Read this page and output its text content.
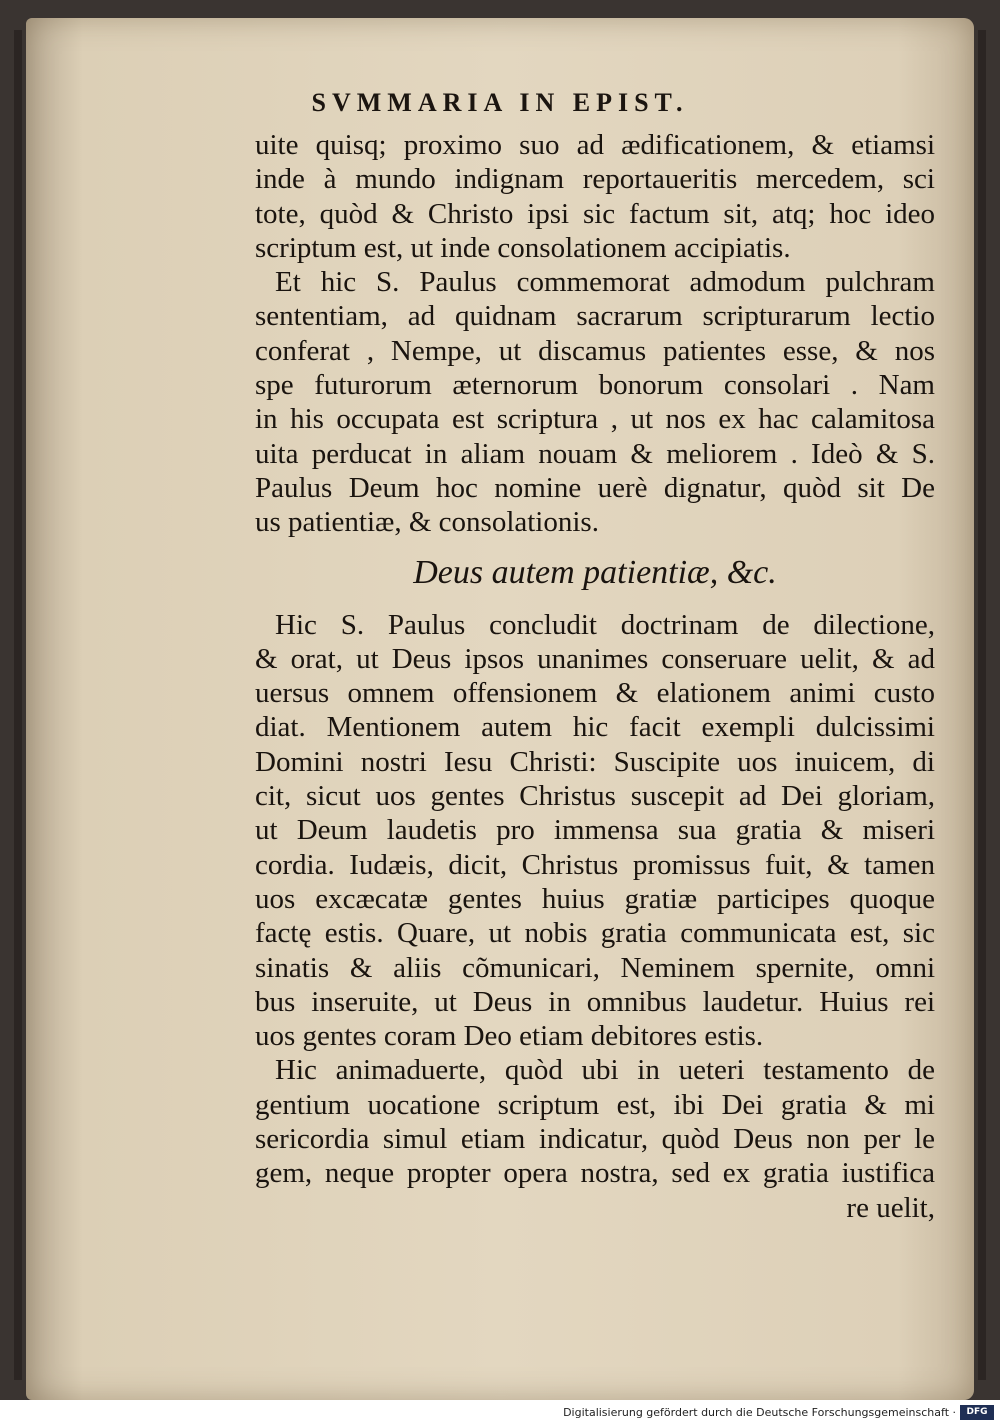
SVMMARIA IN EPIST.
uite quisq; proximo suo ad ædificationem, & etiamsi
inde à mundo indignam reportaueritis mercedem, sci
tote, quòd & Christo ipsi sic factum sit, atq; hoc ideo
scriptum est, ut inde consolationem accipiatis.
Et hic S. Paulus commemorat admodum pulchram
sententiam, ad quidnam sacrarum scripturarum lectio
conferat , Nempe, ut discamus patientes esse, & nos
spe futurorum æternorum bonorum consolari . Nam
in his occupata est scriptura , ut nos ex hac calamitosa
uita perducat in aliam nouam & meliorem . Ideò & S.
Paulus Deum hoc nomine uerè dignatur, quòd sit De
us patientiæ, & consolationis.
Deus autem patientiæ, &c.
Hic S. Paulus concludit doctrinam de dilectione,
& orat, ut Deus ipsos unanimes conseruare uelit, & ad
uersus omnem offensionem & elationem animi custo
diat. Mentionem autem hic facit exempli dulcissimi
Domini nostri Iesu Christi: Suscipite uos inuicem, di
cit, sicut uos gentes Christus suscepit ad Dei gloriam,
ut Deum laudetis pro immensa sua gratia & miseri
cordia. Iudæis, dicit, Christus promissus fuit, & tamen
uos excæcatæ gentes huius gratiæ participes quoque
factę estis. Quare, ut nobis gratia communicata est, sic
sinatis & aliis cõmunicari, Neminem spernite, omni
bus inseruite, ut Deus in omnibus laudetur. Huius rei
uos gentes coram Deo etiam debitores estis.
Hic animaduerte, quòd ubi in ueteri testamento de
gentium uocatione scriptum est, ibi Dei gratia & mi
sericordia simul etiam indicatur, quòd Deus non per le
gem, neque propter opera nostra, sed ex gratia iustifica
re uelit,
Digitalisierung gefördert durch die Deutsche Forschungsgemeinschaft ·	DFG
